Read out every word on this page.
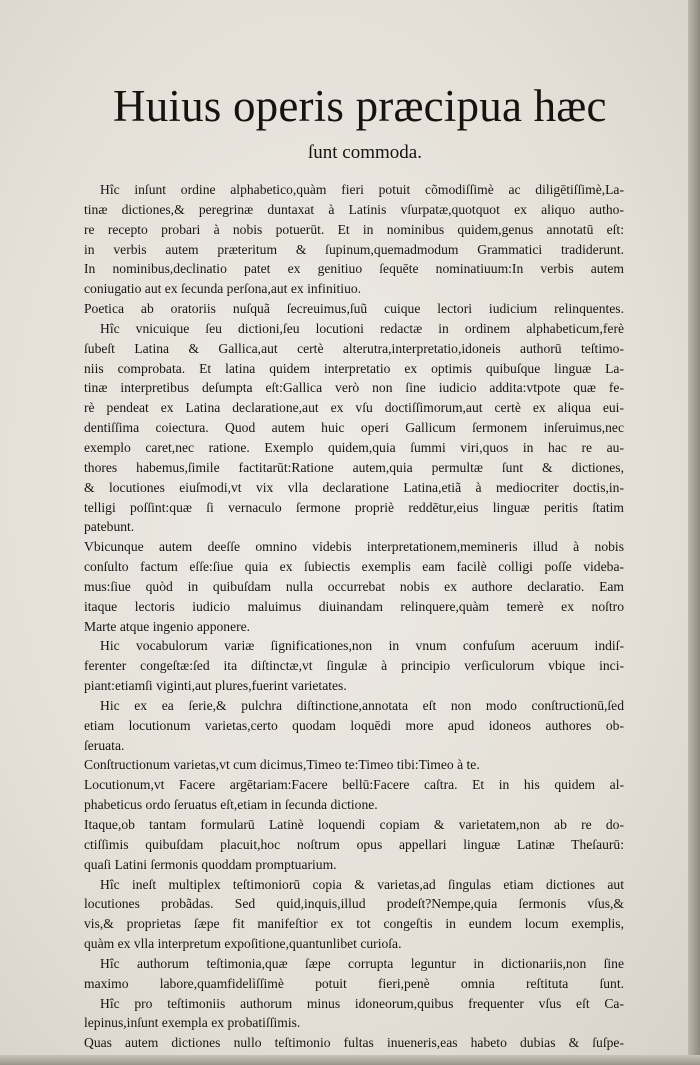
Huius operis præcipua hæc
ſunt commoda.
Hîc inſunt ordine alphabetico,quàm fieri potuit cõmodiſſimè ac diligētiſſimè,La-
tinæ dictiones,& peregrinæ duntaxat à Latinis vſurpatæ,quotquot ex aliquo autho-
re recepto probari à nobis potuerūt. Et in nominibus quidem,genus annotatū eſt:
in verbis autem præteritum & ſupinum,quemadmodum Grammatici tradiderunt.
In nominibus,declinatio patet ex genitiuo ſequēte nominatiuum:In verbis autem
coniugatio aut ex ſecunda perſona,aut ex infinitiuo.
Poetica ab oratoriis nuſquã ſecreuimus,ſuũ cuique lectori iudicium relinquentes.
Hîc vnicuique ſeu dictioni,ſeu locutioni redactæ in ordinem alphabeticum,ferè
ſubeſt Latina & Gallica,aut certè alterutra,interpretatio,idoneis authorū teſtimo-
niis comprobata. Et latina quidem interpretatio ex optimis quibuſque linguæ La-
tinæ interpretibus deſumpta eſt:Gallica verò non ſine iudicio addita:vtpote quæ fe-
rè pendeat ex Latina declaratione,aut ex vſu doctiſſimorum,aut certè ex aliqua eui-
dentiſſima coiectura. Quod autem huic operi Gallicum ſermonem inſeruimus,nec
exemplo caret,nec ratione. Exemplo quidem,quia ſummi viri,quos in hac re au-
thores habemus,ſimile factitarūt:Ratione autem,quia permultæ ſunt & dictiones,
& locutiones eiuſmodi,vt vix vlla declaratione Latina,etiã à mediocriter doctis,in-
telligi poſſint:quæ ſi vernaculo ſermone propriè reddētur,eius linguæ peritis ſtatim
patebunt.
Vbicunque autem deeſſe omnino videbis interpretationem,memineris illud à nobis
conſulto factum eſſe:ſiue quia ex ſubiectis exemplis eam facilè colligi poſſe videba-
mus:ſiue quòd in quibuſdam nulla occurrebat nobis ex authore declaratio. Eam
itaque lectoris iudicio maluimus diuinandam relinquere,quàm temerè ex noſtro
Marte atque ingenio apponere.
Hic vocabulorum variæ ſignificationes,non in vnum confuſum aceruum indiſ-
ferenter congeſtæ:ſed ita diſtinctæ,vt ſingulæ à principio verſiculorum vbique inci-
piant:etiamſi viginti,aut plures,fuerint varietates.
Hic ex ea ſerie,& pulchra diſtinctione,annotata eſt non modo conſtructionū,ſed
etiam locutionum varietas,certo quodam loquēdi more apud idoneos authores ob-
ſeruata.
Conſtructionum varietas,vt cum dicimus,Timeo te:Timeo tibi:Timeo à te.
Locutionum,vt Facere argētariam:Facere bellū:Facere caſtra. Et in his quidem al-
phabeticus ordo ſeruatus eſt,etiam in ſecunda dictione.
Itaque,ob tantam formularū Latinè loquendi copiam & varietatem,non ab re do-
ctiſſimis quibuſdam placuit,hoc noſtrum opus appellari linguæ Latinæ Theſaurū:
quaſi Latini ſermonis quoddam promptuarium.
Hîc ineſt multiplex teſtimoniorū copia & varietas,ad ſingulas etiam dictiones aut
locutiones probãdas. Sed quid,inquis,illud prodeſt?Nempe,quia ſermonis vſus,&
vis,& proprietas ſæpe fit manifeſtior ex tot congeſtis in eundem locum exemplis,
quàm ex vlla interpretum expoſitione,quantunlibet curioſa.
Hîc authorum teſtimonia,quæ ſæpe corrupta leguntur in dictionariis,non ſine
maximo labore,quamfidelìſſimè potuit fieri,penè omnia reſtituta ſunt.
Hîc pro teſtimoniis authorum minus idoneorum,quibus frequenter vſus eſt Ca-
lepinus,inſunt exempla ex probatiſſimis.
Quas autem dictiones nullo teſtimonio fultas inueneris,eas habeto dubias & ſuſpe-
